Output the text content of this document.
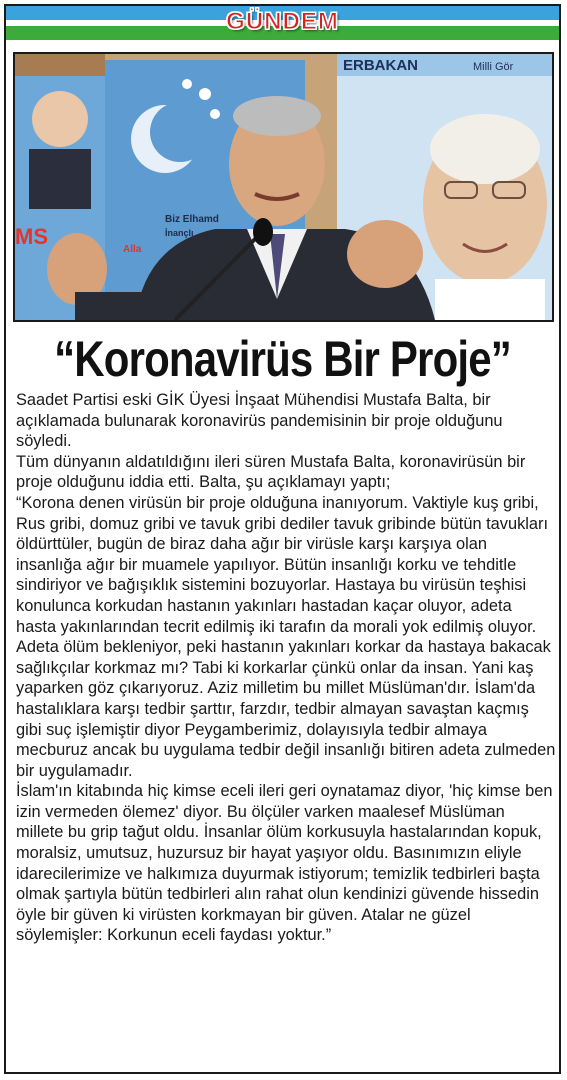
GÜNDEM
Biz Elhamd
İnançlı
Alla
MS
ERBAKAN	Milli Gör
“Koronavirüs Bir Proje”

Saadet Partisi eski GİK Üyesi İnşaat Mühendisi Mustafa Balta, bir açıklamada bulunarak koronavirüs pandemisinin bir proje olduğunu söyledi.

Tüm dünyanın aldatıldığını ileri süren Mustafa Balta, koronavirüsün bir proje olduğunu iddia etti. Balta, şu açıklamayı yaptı;

“Korona denen virüsün bir proje olduğuna inanıyorum. Vaktiyle kuş gribi, Rus gribi, domuz gribi ve tavuk gribi dediler tavuk gribinde bütün tavukları öldürttüler, bugün de biraz daha ağır bir virüsle karşı karşıya olan insanlığa ağır bir muamele yapılıyor. Bütün insanlığı korku ve tehditle sindiriyor ve bağışıklık sistemini bozuyorlar. Hastaya bu virüsün teşhisi konulunca korkudan hastanın yakınları hastadan kaçar oluyor, adeta hasta yakınlarından tecrit edilmiş iki tarafın da morali yok edilmiş oluyor. Adeta ölüm bekleniyor, peki hastanın yakınları korkar da hastaya bakacak sağlıkçılar korkmaz mı? Tabi ki korkarlar çünkü onlar da insan. Yani kaş yaparken göz çıkarıyoruz. Aziz milletim bu millet Müslüman'dır. İslam'da hastalıklara karşı tedbir şarttır, farzdır, tedbir almayan savaştan kaçmış gibi suç işlemiştir diyor Peygamberimiz, dolayısıyla tedbir almaya mecburuz ancak bu uygulama tedbir değil insanlığı bitiren adeta zulmeden bir uygulamadır.

İslam'ın kitabında hiç kimse eceli ileri geri oynatamaz diyor, 'hiç kimse ben izin vermeden ölemez' diyor. Bu ölçüler varken maalesef Müslüman millete bu grip tağut oldu. İnsanlar ölüm korkusuyla hastalarından kopuk, moralsiz, umutsuz, huzursuz bir hayat yaşıyor oldu. Basınımızın eliyle idarecilerimize ve halkımıza duyurmak istiyorum; temizlik tedbirleri başta olmak şartıyla bütün tedbirleri alın rahat olun kendinizi güvende hissedin öyle bir güven ki virüsten korkmayan bir güven. Atalar ne güzel söylemişler: Korkunun eceli faydası yoktur.”
